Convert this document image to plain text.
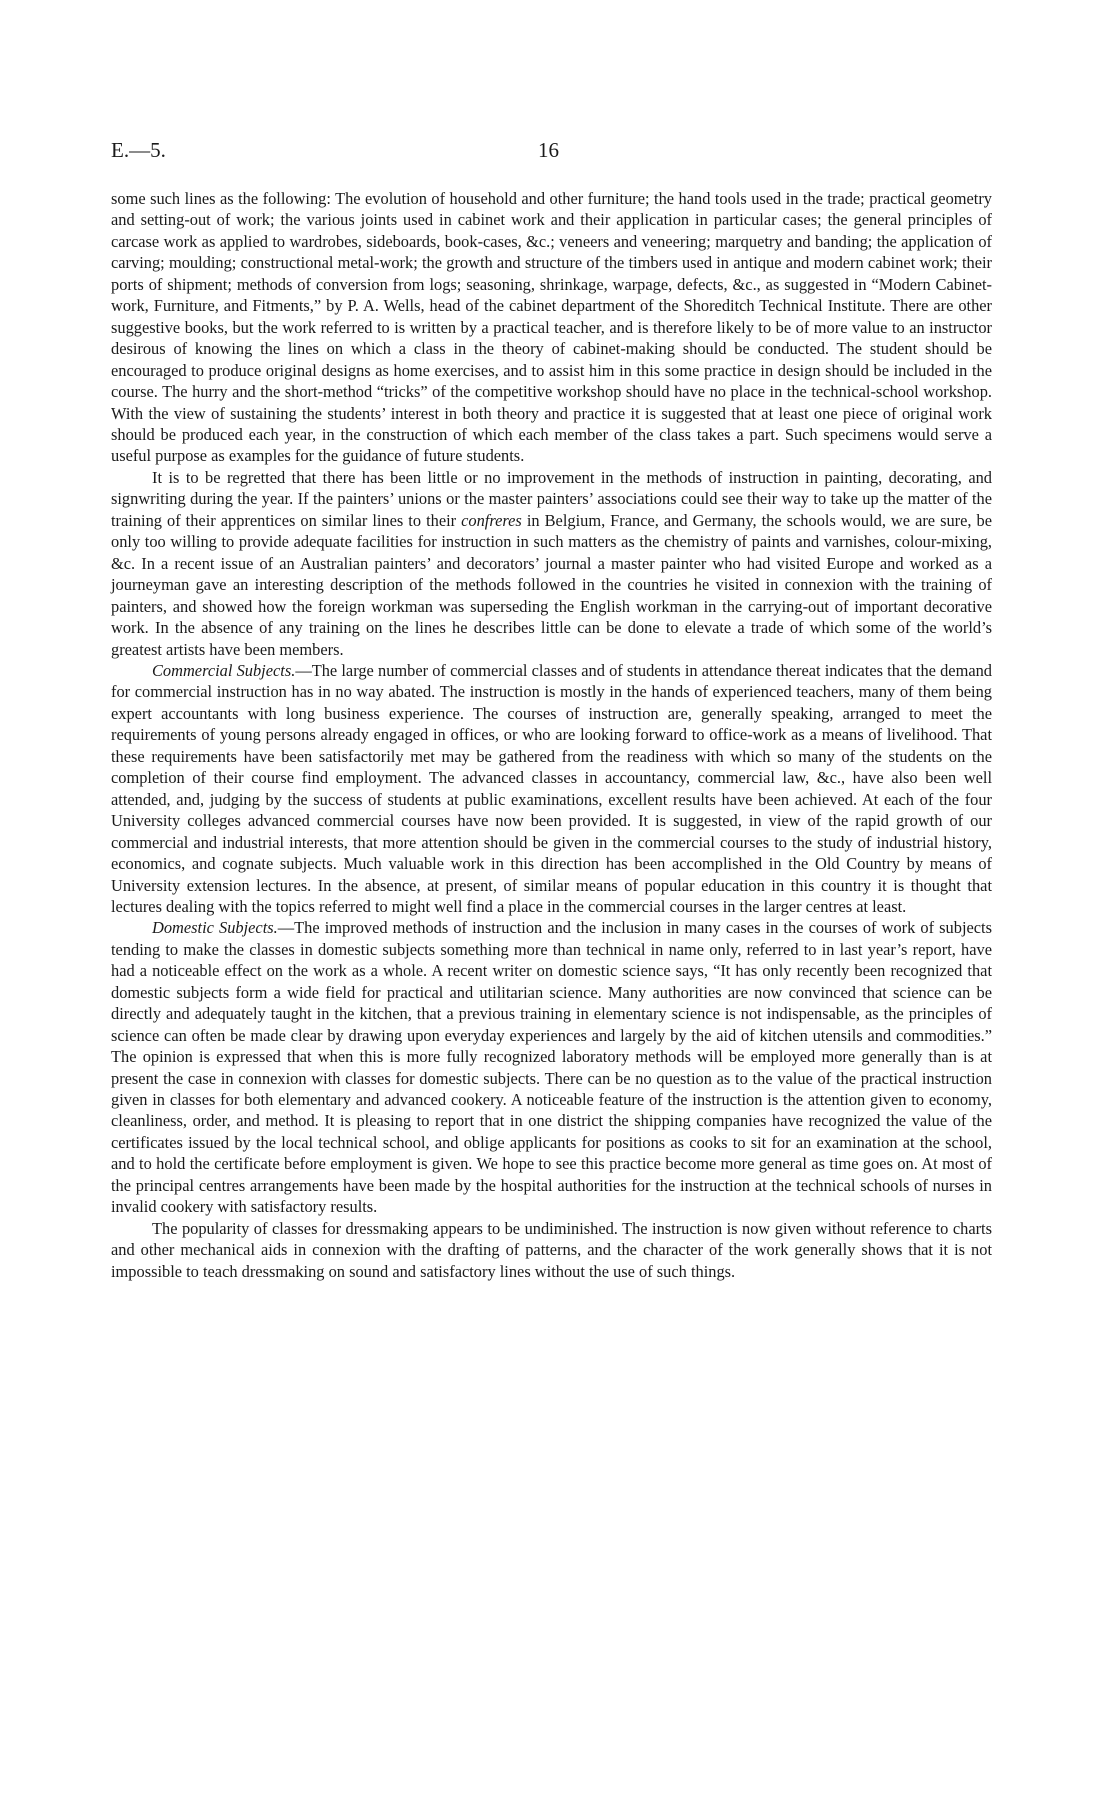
E.—5.	16

some such lines as the following: The evolution of household and other furniture; the hand tools used in the trade; practical geometry and setting-out of work; the various joints used in cabinet work and their application in particular cases; the general principles of carcase work as applied to wardrobes, sideboards, book-cases, &c.; veneers and veneering; marquetry and banding; the application of carving; moulding; constructional metal-work; the growth and structure of the timbers used in antique and modern cabinet work; their ports of shipment; methods of conversion from logs; seasoning, shrinkage, warpage, defects, &c., as suggested in “Modern Cabinet-work, Furniture, and Fitments,” by P. A. Wells, head of the cabinet department of the Shoreditch Technical Institute. There are other suggestive books, but the work referred to is written by a practical teacher, and is therefore likely to be of more value to an instructor desirous of knowing the lines on which a class in the theory of cabinet-making should be conducted. The student should be encouraged to produce original designs as home exercises, and to assist him in this some practice in design should be included in the course. The hurry and the short-method “tricks” of the competitive workshop should have no place in the technical-school workshop. With the view of sustaining the students’ interest in both theory and practice it is suggested that at least one piece of original work should be produced each year, in the construction of which each member of the class takes a part. Such specimens would serve a useful purpose as examples for the guidance of future students.

It is to be regretted that there has been little or no improvement in the methods of instruction in painting, decorating, and signwriting during the year. If the painters’ unions or the master painters’ associations could see their way to take up the matter of the training of their apprentices on similar lines to their confreres in Belgium, France, and Germany, the schools would, we are sure, be only too willing to provide adequate facilities for instruction in such matters as the chemistry of paints and varnishes, colour-mixing, &c. In a recent issue of an Australian painters’ and decorators’ journal a master painter who had visited Europe and worked as a journeyman gave an interesting description of the methods followed in the countries he visited in connexion with the training of painters, and showed how the foreign workman was superseding the English workman in the carrying-out of important decorative work. In the absence of any training on the lines he describes little can be done to elevate a trade of which some of the world’s greatest artists have been members.

Commercial Subjects.—The large number of commercial classes and of students in attendance thereat indicates that the demand for commercial instruction has in no way abated. The instruction is mostly in the hands of experienced teachers, many of them being expert accountants with long business experience. The courses of instruction are, generally speaking, arranged to meet the requirements of young persons already engaged in offices, or who are looking forward to office-work as a means of livelihood. That these requirements have been satisfactorily met may be gathered from the readiness with which so many of the students on the completion of their course find employment. The advanced classes in accountancy, commercial law, &c., have also been well attended, and, judging by the success of students at public examinations, excellent results have been achieved. At each of the four University colleges advanced commercial courses have now been provided. It is suggested, in view of the rapid growth of our commercial and industrial interests, that more attention should be given in the commercial courses to the study of industrial history, economics, and cognate subjects. Much valuable work in this direction has been accomplished in the Old Country by means of University extension lectures. In the absence, at present, of similar means of popular education in this country it is thought that lectures dealing with the topics referred to might well find a place in the commercial courses in the larger centres at least.

Domestic Subjects.—The improved methods of instruction and the inclusion in many cases in the courses of work of subjects tending to make the classes in domestic subjects something more than technical in name only, referred to in last year’s report, have had a noticeable effect on the work as a whole. A recent writer on domestic science says, “It has only recently been recognized that domestic subjects form a wide field for practical and utilitarian science. Many authorities are now convinced that science can be directly and adequately taught in the kitchen, that a previous training in elementary science is not indispensable, as the principles of science can often be made clear by drawing upon everyday experiences and largely by the aid of kitchen utensils and commodities.” The opinion is expressed that when this is more fully recognized laboratory methods will be employed more generally than is at present the case in connexion with classes for domestic subjects. There can be no question as to the value of the practical instruction given in classes for both elementary and advanced cookery. A noticeable feature of the instruction is the attention given to economy, cleanliness, order, and method. It is pleasing to report that in one district the shipping companies have recognized the value of the certificates issued by the local technical school, and oblige applicants for positions as cooks to sit for an examination at the school, and to hold the certificate before employment is given. We hope to see this practice become more general as time goes on. At most of the principal centres arrangements have been made by the hospital authorities for the instruction at the technical schools of nurses in invalid cookery with satisfactory results.

The popularity of classes for dressmaking appears to be undiminished. The instruction is now given without reference to charts and other mechanical aids in connexion with the drafting of patterns, and the character of the work generally shows that it is not impossible to teach dressmaking on sound and satisfactory lines without the use of such things.
